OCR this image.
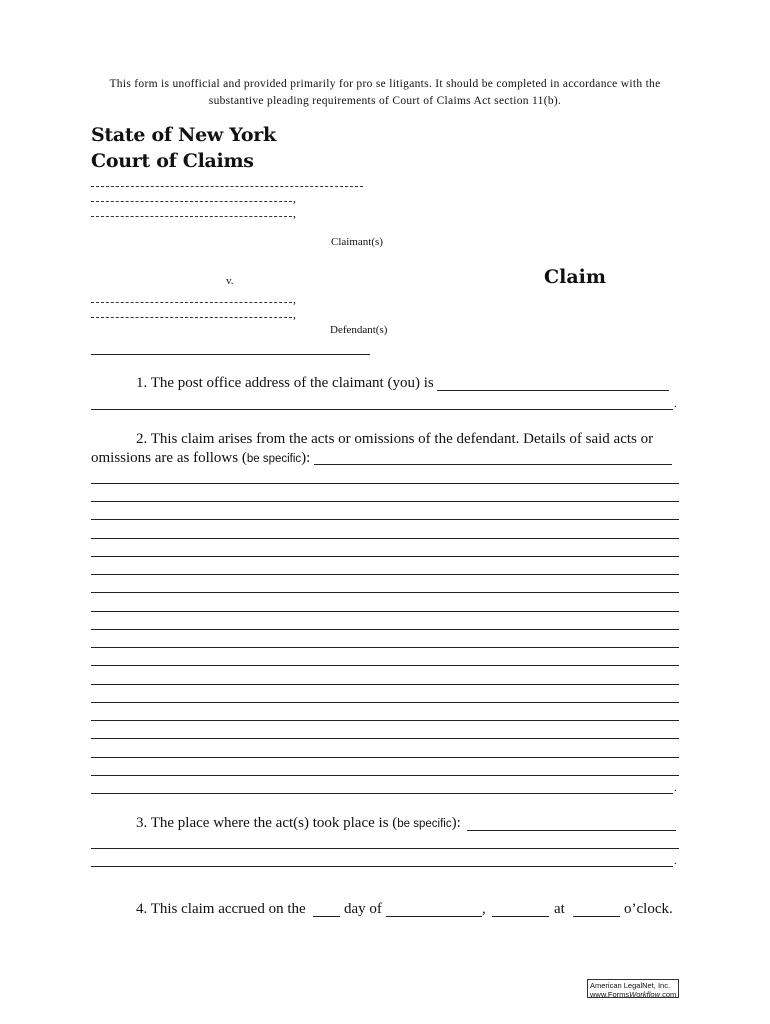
This form is unofficial and provided primarily for pro se litigants. It should be completed in accordance with the
substantive pleading requirements of Court of Claims Act section 11(b).
State of New York
Court of Claims
,
,
Claimant(s)
v.	Claim
,
,
Defendant(s)
1. The post office address of the claimant (you) is
.
2. This claim arises from the acts or omissions of the defendant. Details of said acts or
omissions are as follows (be specific):
.
3. The place where the act(s) took place is (be specific):
.
4. This claim accrued on the	day of	,	at	o’clock.
American LegalNet, Inc.
www.FormsWorkflow.com
